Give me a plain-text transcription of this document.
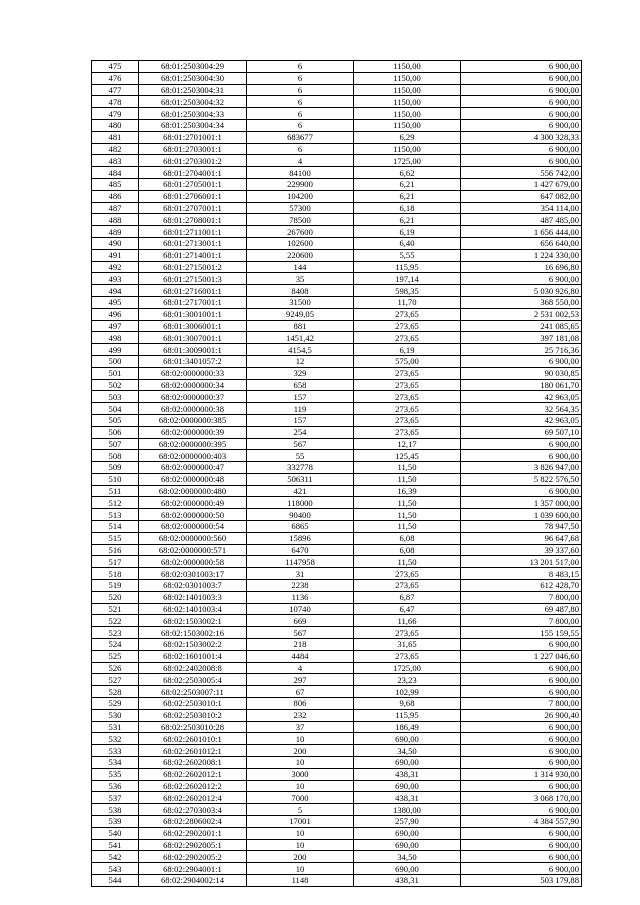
475	68:01:2503004:29	6	1150,00	6 900,00
476	68:01:2503004:30	6	1150,00	6 900,00
477	68:01:2503004:31	6	1150,00	6 900,00
478	68:01:2503004:32	6	1150,00	6 900,00
479	68:01:2503004:33	6	1150,00	6 900,00
480	68:01:2503004:34	6	1150,00	6 900,00
481	68:01:2701001:1	683677	6,29	4 300 328,33
482	68:01:2703001:1	6	1150,00	6 900,00
483	68:01:2703001:2	4	1725,00	6 900,00
484	68:01:2704001:1	84100	6,62	556 742,00
485	68:01:2705001:1	229900	6,21	1 427 679,00
486	68:01:2706001:1	104200	6,21	647 082,00
487	68:01:2707001:1	57300	6,18	354 114,00
488	68:01:2708001:1	78500	6,21	487 485,00
489	68:01:2711001:1	267600	6,19	1 656 444,00
490	68:01:2713001:1	102600	6,40	656 640,00
491	68:01:2714001:1	220600	5,55	1 224 330,00
492	68:01:2715001:2	144	115,95	16 696,80
493	68:01:2715001:3	35	197,14	6 900,00
494	68:01:2716001:1	8408	598,35	5 030 926,80
495	68:01:2717001:1	31500	11,70	368 550,00
496	68:01:3001001:1	9249,05	273,65	2 531 002,53
497	68:01:3006001:1	881	273,65	241 085,65
498	68:01:3007001:1	1451,42	273,65	397 181,08
499	68:01:3009001:1	4154,5	6,19	25 716,36
500	68:01:3401057:2	12	575,00	6 900,00
501	68:02:0000000:33	329	273,65	90 030,85
502	68:02:0000000:34	658	273,65	180 061,70
503	68:02:0000000:37	157	273,65	42 963,05
504	68:02:0000000:38	119	273,65	32 564,35
505	68:02:0000000:385	157	273,65	42 963,05
506	68:02:0000000:39	254	273,65	69 507,10
507	68:02:0000000:395	567	12,17	6 900,00
508	68:02:0000000:403	55	125,45	6 900,00
509	68:02:0000000:47	332778	11,50	3 826 947,00
510	68:02:0000000:48	506311	11,50	5 822 576,50
511	68:02:0000000:480	421	16,39	6 900,00
512	68:02:0000000:49	118000	11,50	1 357 000,00
513	68:02:0000000:50	90400	11,50	1 039 600,00
514	68:02:0000000:54	6865	11,50	78 947,50
515	68:02:0000000:560	15896	6,08	96 647,68
516	68:02:0000000:571	6470	6,08	39 337,60
517	68:02:0000000:58	1147958	11,50	13 201 517,00
518	68:02:0301003:17	31	273,65	8 483,15
519	68:02:0301003:7	2238	273,65	612 428,70
520	68:02:1401003:3	1136	6,87	7 800,00
521	68:02:1401003:4	10740	6,47	69 487,80
522	68:02:1503002:1	669	11,66	7 800,00
523	68:02:1503002:16	567	273,65	155 159,55
524	68:02:1503002:2	218	31,65	6 900,00
525	68:02:1601001:4	4484	273,65	1 227 046,60
526	68:02:2402008:8	4	1725,00	6 900,00
527	68:02:2503005:4	297	23,23	6 900,00
528	68:02:2503007:11	67	102,99	6 900,00
529	68:02:2503010:1	806	9,68	7 800,00
530	68:02:2503010:2	232	115,95	26 900,40
531	68:02:2503010:28	37	186,49	6 900,00
532	68:02:2601010:1	10	690,00	6 900,00
533	68:02:2601012:1	200	34,50	6 900,00
534	68:02:2602008:1	10	690,00	6 900,00
535	68:02:2602012:1	3000	438,31	1 314 930,00
536	68:02:2602012:2	10	690,00	6 900,00
537	68:02:2602012:4	7000	438,31	3 068 170,00
538	68:02:2703003:4	5	1380,00	6 900,00
539	68:02:2806002:4	17001	257,90	4 384 557,90
540	68:02:2902001:1	10	690,00	6 900,00
541	68:02:2902005:1	10	690,00	6 900,00
542	68:02:2902005:2	200	34,50	6 900,00
543	68:02:2904001:1	10	690,00	6 900,00
544	68:02:2904002:14	1148	438,31	503 179,88
